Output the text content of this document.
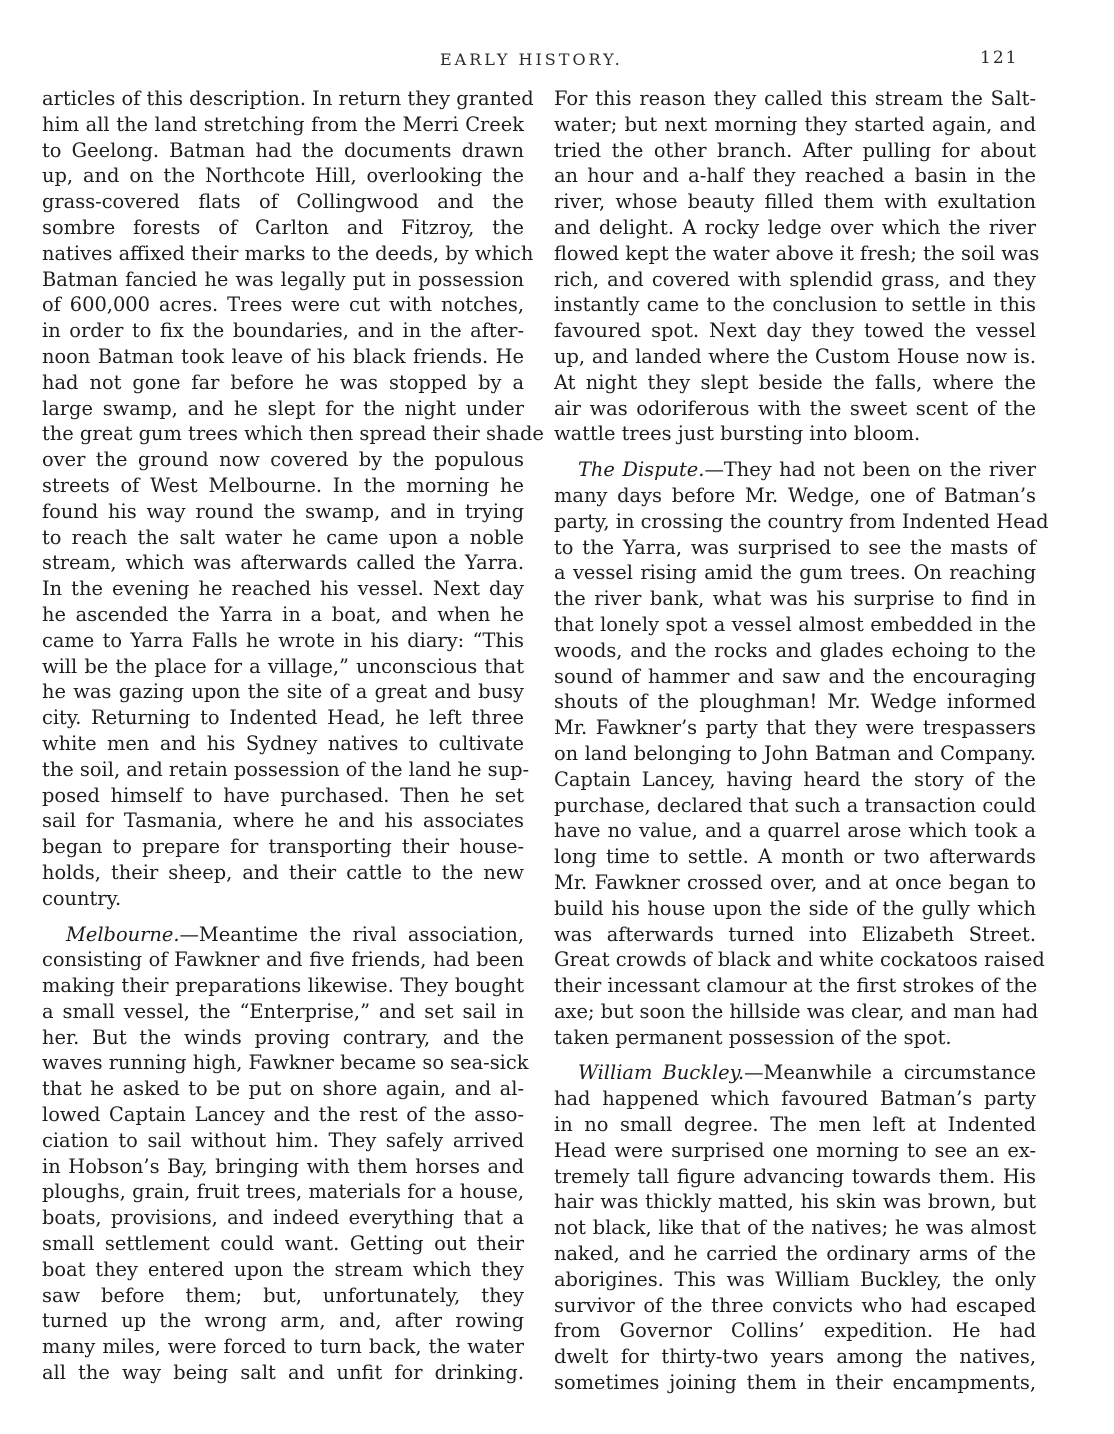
EARLY HISTORY.	121
articles of this description. In return they granted
him all the land stretching from the Merri Creek
to Geelong. Batman had the documents drawn
up, and on the Northcote Hill, overlooking the
grass-covered flats of Collingwood and the
sombre forests of Carlton and Fitzroy, the
natives affixed their marks to the deeds, by which
Batman fancied he was legally put in possession
of 600,000 acres. Trees were cut with notches,
in order to fix the boundaries, and in the after-
noon Batman took leave of his black friends. He
had not gone far before he was stopped by a
large swamp, and he slept for the night under
the great gum trees which then spread their shade
over the ground now covered by the populous
streets of West Melbourne. In the morning he
found his way round the swamp, and in trying
to reach the salt water he came upon a noble
stream, which was afterwards called the Yarra.
In the evening he reached his vessel. Next day
he ascended the Yarra in a boat, and when he
came to Yarra Falls he wrote in his diary: “This
will be the place for a village,” unconscious that
he was gazing upon the site of a great and busy
city. Returning to Indented Head, he left three
white men and his Sydney natives to cultivate
the soil, and retain possession of the land he sup-
posed himself to have purchased. Then he set
sail for Tasmania, where he and his associates
began to prepare for transporting their house-
holds, their sheep, and their cattle to the new
country.
Melbourne.—Meantime the rival association,
consisting of Fawkner and five friends, had been
making their preparations likewise. They bought
a small vessel, the “Enterprise,” and set sail in
her. But the winds proving contrary, and the
waves running high, Fawkner became so sea-sick
that he asked to be put on shore again, and al-
lowed Captain Lancey and the rest of the asso-
ciation to sail without him. They safely arrived
in Hobson’s Bay, bringing with them horses and
ploughs, grain, fruit trees, materials for a house,
boats, provisions, and indeed everything that a
small settlement could want. Getting out their
boat they entered upon the stream which they
saw before them; but, unfortunately, they
turned up the wrong arm, and, after rowing
many miles, were forced to turn back, the water
all the way being salt and unfit for drinking.
For this reason they called this stream the Salt-
water; but next morning they started again, and
tried the other branch. After pulling for about
an hour and a-half they reached a basin in the
river, whose beauty filled them with exultation
and delight. A rocky ledge over which the river
flowed kept the water above it fresh; the soil was
rich, and covered with splendid grass, and they
instantly came to the conclusion to settle in this
favoured spot. Next day they towed the vessel
up, and landed where the Custom House now is.
At night they slept beside the falls, where the
air was odoriferous with the sweet scent of the
wattle trees just bursting into bloom.
The Dispute.—They had not been on the river
many days before Mr. Wedge, one of Batman’s
party, in crossing the country from Indented Head
to the Yarra, was surprised to see the masts of
a vessel rising amid the gum trees. On reaching
the river bank, what was his surprise to find in
that lonely spot a vessel almost embedded in the
woods, and the rocks and glades echoing to the
sound of hammer and saw and the encouraging
shouts of the ploughman! Mr. Wedge informed
Mr. Fawkner’s party that they were trespassers
on land belonging to John Batman and Company.
Captain Lancey, having heard the story of the
purchase, declared that such a transaction could
have no value, and a quarrel arose which took a
long time to settle. A month or two afterwards
Mr. Fawkner crossed over, and at once began to
build his house upon the side of the gully which
was afterwards turned into Elizabeth Street.
Great crowds of black and white cockatoos raised
their incessant clamour at the first strokes of the
axe; but soon the hillside was clear, and man had
taken permanent possession of the spot.
William Buckley.—Meanwhile a circumstance
had happened which favoured Batman’s party
in no small degree. The men left at Indented
Head were surprised one morning to see an ex-
tremely tall figure advancing towards them. His
hair was thickly matted, his skin was brown, but
not black, like that of the natives; he was almost
naked, and he carried the ordinary arms of the
aborigines. This was William Buckley, the only
survivor of the three convicts who had escaped
from Governor Collins’ expedition. He had
dwelt for thirty-two years among the natives,
sometimes joining them in their encampments,
